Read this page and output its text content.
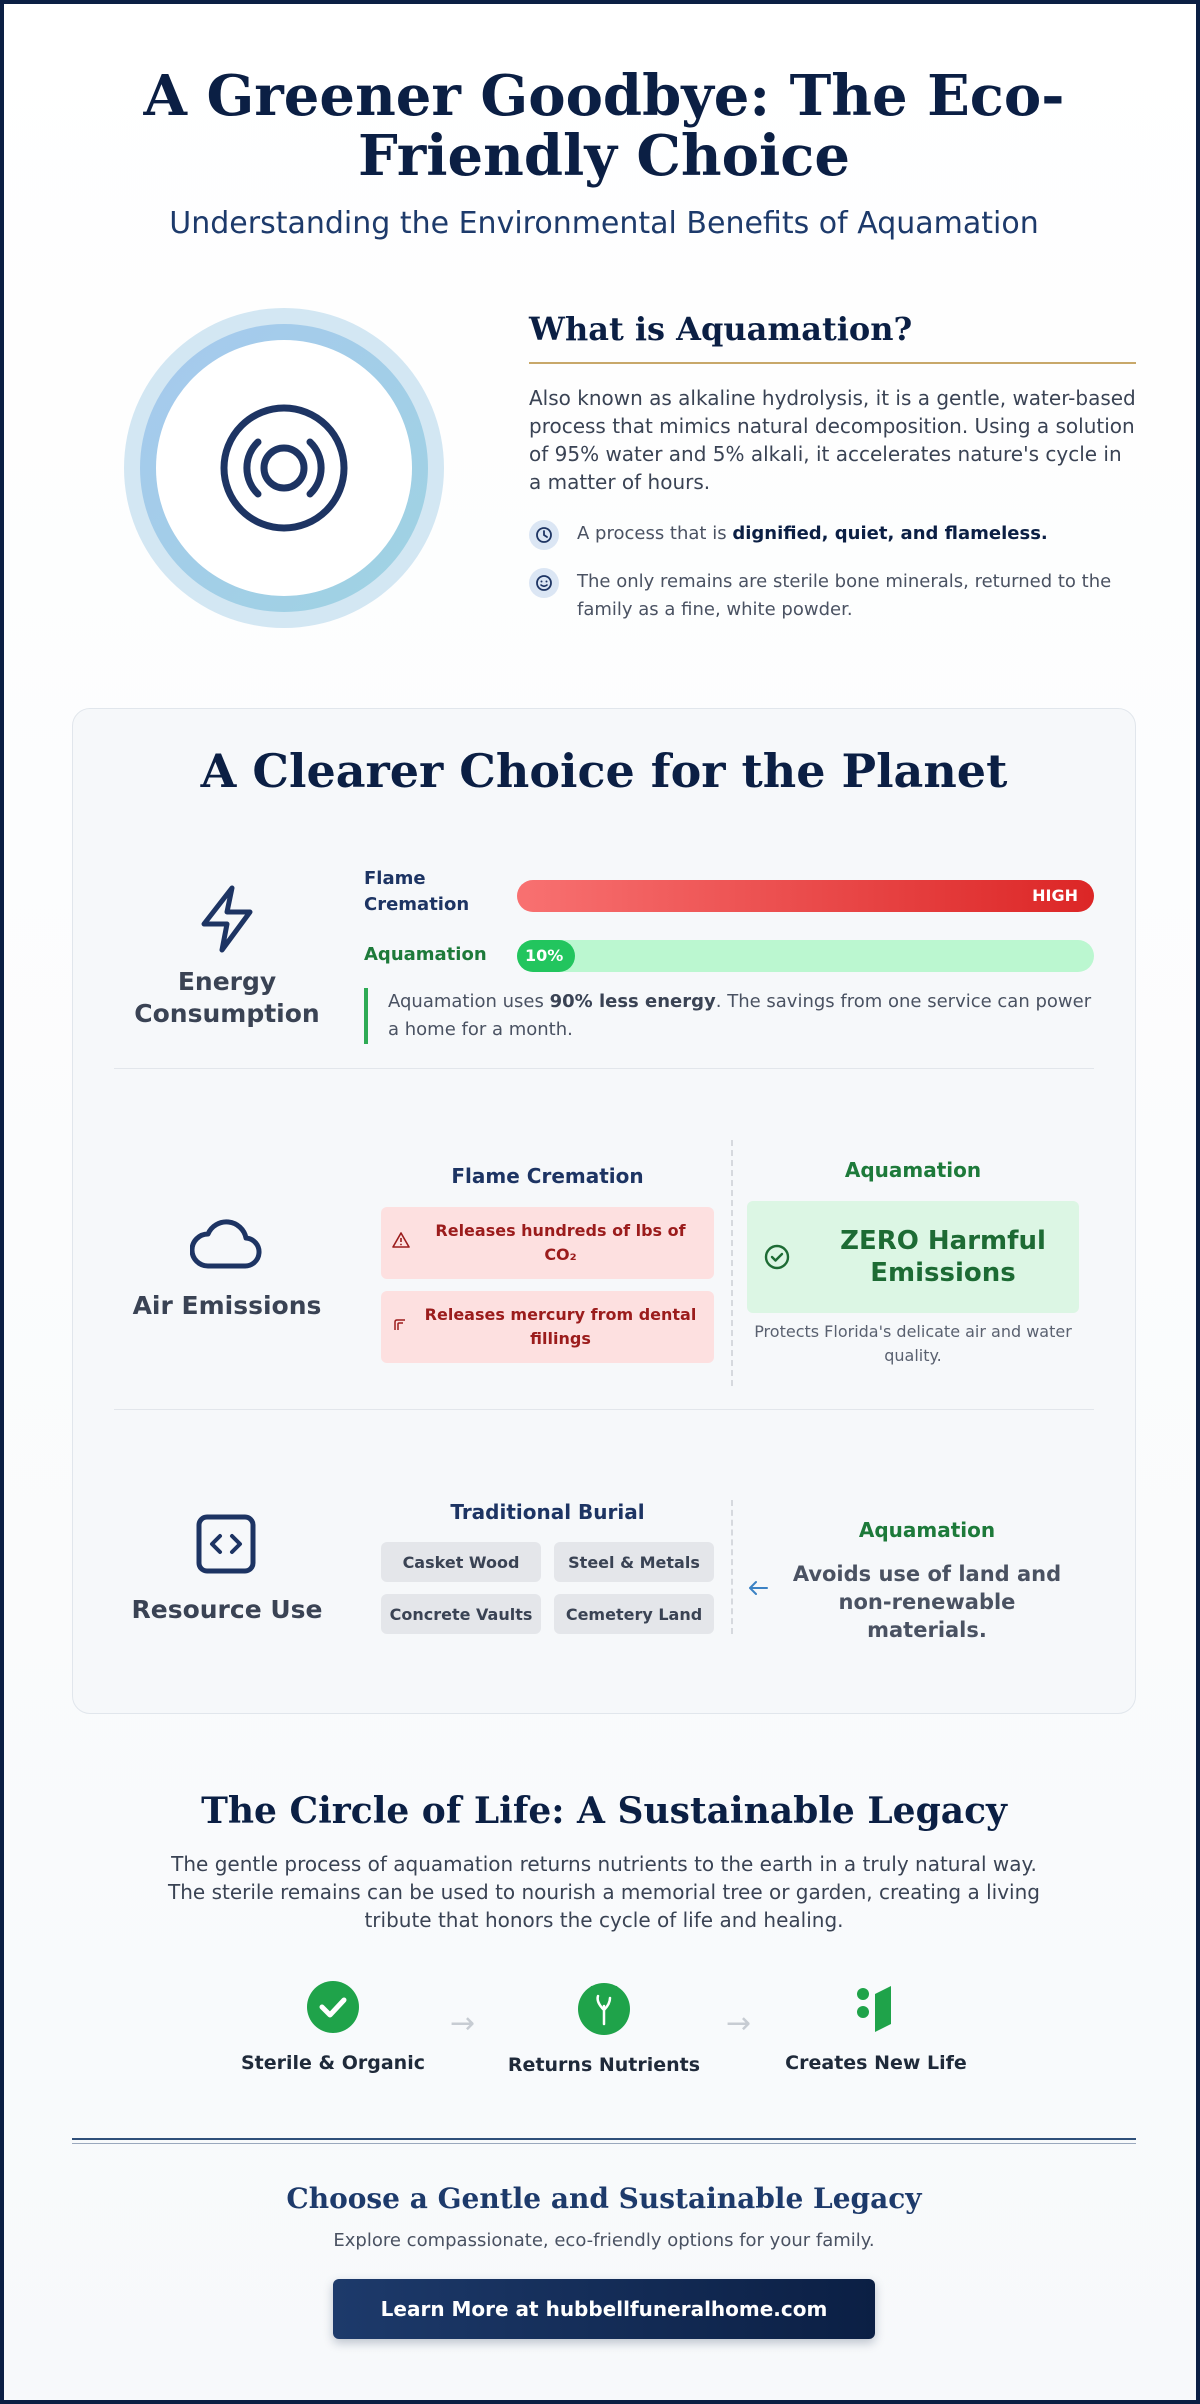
A Greener Goodbye: The Eco-Friendly Choice
Understanding the Environmental Benefits of Aquamation
What is Aquamation?

Also known as alkaline hydrolysis, it is a gentle, water-based process that mimics natural decomposition. Using a solution of 95% water and 5% alkali, it accelerates nature's cycle in a matter of hours.

A process that is dignified, quiet, and flameless.
The only remains are sterile bone minerals, returned to the family as a fine, white powder.
A Clearer Choice for the Planet
Energy Consumption
Flame Cremation	HIGH
Aquamation	10%
Aquamation uses 90% less energy. The savings from one service can power a home for a month.
Air Emissions
Flame Cremation
Releases hundreds of lbs of CO₂
Releases mercury from dental fillings
Aquamation
ZERO Harmful Emissions
Protects Florida's delicate air and water quality.
Resource Use
Traditional Burial
Casket Wood	Steel & Metals
Concrete Vaults	Cemetery Land
Aquamation
Avoids use of land and non-renewable materials.
The Circle of Life: A Sustainable Legacy

The gentle process of aquamation returns nutrients to the earth in a truly natural way. The sterile remains can be used to nourish a memorial tree or garden, creating a living tribute that honors the cycle of life and healing.

Sterile & Organic
→
Returns Nutrients
→
Creates New Life
Choose a Gentle and Sustainable Legacy
Explore compassionate, eco-friendly options for your family.
Learn More at hubbellfuneralhome.com
